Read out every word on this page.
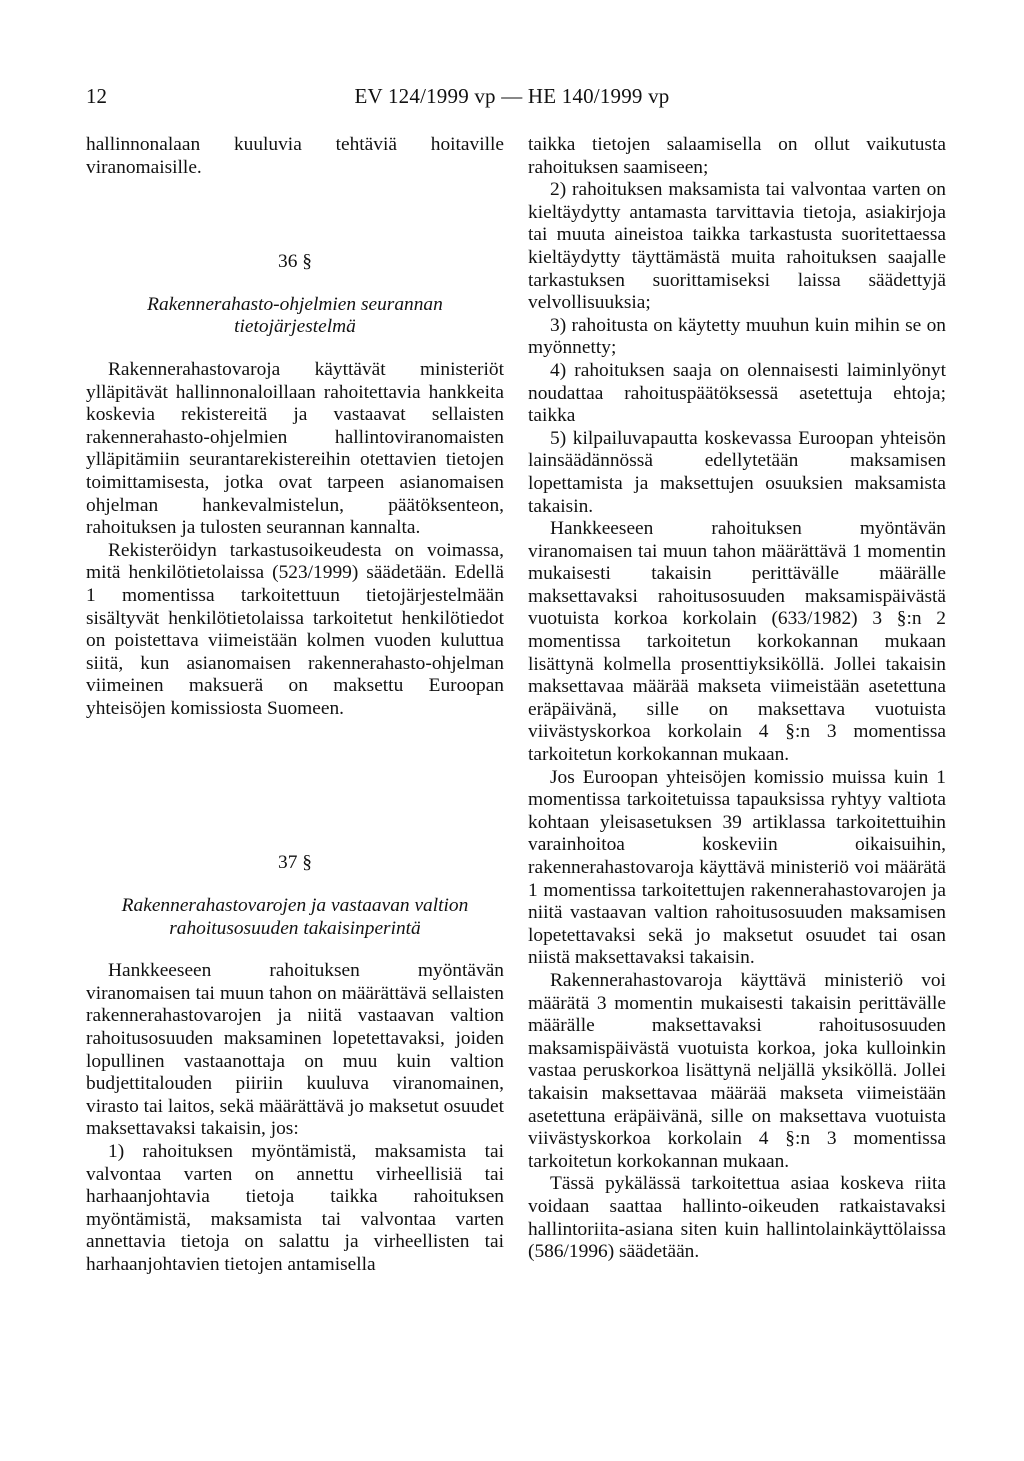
12	EV 124/1999 vp — HE 140/1999 vp

hallinnonalaan kuuluvia tehtäviä hoitaville viranomaisille.

36 §

Rakennerahasto-ohjelmien seurannan tietojärjestelmä

Rakennerahastovaroja käyttävät ministeriöt ylläpitävät hallinnonaloillaan rahoitettavia hankkeita koskevia rekistereitä ja vastaavat sellaisten rakennerahasto-ohjelmien hallintoviranomaisten ylläpitämiin seurantarekistereihin otettavien tietojen toimittamisesta, jotka ovat tarpeen asianomaisen ohjelman hankevalmistelun, päätöksenteon, rahoituksen ja tulosten seurannan kannalta.

Rekisteröidyn tarkastusoikeudesta on voimassa, mitä henkilötietolaissa (523/1999) säädetään. Edellä 1 momentissa tarkoitettuun tietojärjestelmään sisältyvät henkilötietolaissa tarkoitetut henkilötiedot on poistettava viimeistään kolmen vuoden kuluttua siitä, kun asianomaisen rakennerahasto-ohjelman viimeinen maksuerä on maksettu Euroopan yhteisöjen komissiosta Suomeen.

37 §

Rakennerahastovarojen ja vastaavan valtion rahoitusosuuden takaisinperintä

Hankkeeseen rahoituksen myöntävän viranomaisen tai muun tahon on määrättävä sellaisten rakennerahastovarojen ja niitä vastaavan valtion rahoitusosuuden maksaminen lopetettavaksi, joiden lopullinen vastaanottaja on muu kuin valtion budjettitalouden piiriin kuuluva viranomainen, virasto tai laitos, sekä määrättävä jo maksetut osuudet maksettavaksi takaisin, jos:

1) rahoituksen myöntämistä, maksamista tai valvontaa varten on annettu virheellisiä tai harhaanjohtavia tietoja taikka rahoituksen myöntämistä, maksamista tai valvontaa varten annettavia tietoja on salattu ja virheellisten tai harhaanjohtavien tietojen antamisella

taikka tietojen salaamisella on ollut vaikutusta rahoituksen saamiseen;

2) rahoituksen maksamista tai valvontaa varten on kieltäydytty antamasta tarvittavia tietoja, asiakirjoja tai muuta aineistoa taikka tarkastusta suoritettaessa kieltäydytty täyttämästä muita rahoituksen saajalle tarkastuksen suorittamiseksi laissa säädettyjä velvollisuuksia;

3) rahoitusta on käytetty muuhun kuin mihin se on myönnetty;

4) rahoituksen saaja on olennaisesti laiminlyönyt noudattaa rahoituspäätöksessä asetettuja ehtoja; taikka

5) kilpailuvapautta koskevassa Euroopan yhteisön lainsäädännössä edellytetään maksamisen lopettamista ja maksettujen osuuksien maksamista takaisin.

Hankkeeseen rahoituksen myöntävän viranomaisen tai muun tahon määrättävä 1 momentin mukaisesti takaisin perittävälle määrälle maksettavaksi rahoitusosuuden maksamispäivästä vuotuista korkoa korkolain (633/1982) 3 §:n 2 momentissa tarkoitetun korkokannan mukaan lisättynä kolmella prosenttiyksiköllä. Jollei takaisin maksettavaa määrää makseta viimeistään asetettuna eräpäivänä, sille on maksettava vuotuista viivästyskorkoa korkolain 4 §:n 3 momentissa tarkoitetun korkokannan mukaan.

Jos Euroopan yhteisöjen komissio muissa kuin 1 momentissa tarkoitetuissa tapauksissa ryhtyy valtiota kohtaan yleisasetuksen 39 artiklassa tarkoitettuihin varainhoitoa koskeviin oikaisuihin, rakennerahastovaroja käyttävä ministeriö voi määrätä 1 momentissa tarkoitettujen rakennerahastovarojen ja niitä vastaavan valtion rahoitusosuuden maksamisen lopetettavaksi sekä jo maksetut osuudet tai osan niistä maksettavaksi takaisin.

Rakennerahastovaroja käyttävä ministeriö voi määrätä 3 momentin mukaisesti takaisin perittävälle määrälle maksettavaksi rahoitusosuuden maksamispäivästä vuotuista korkoa, joka kulloinkin vastaa peruskorkoa lisättynä neljällä yksiköllä. Jollei takaisin maksettavaa määrää makseta viimeistään asetettuna eräpäivänä, sille on maksettava vuotuista viivästyskorkoa korkolain 4 §:n 3 momentissa tarkoitetun korkokannan mukaan.

Tässä pykälässä tarkoitettua asiaa koskeva riita voidaan saattaa hallinto-oikeuden ratkaistavaksi hallintoriita-asiana siten kuin hallintolainkäyttölaissa (586/1996) säädetään.
